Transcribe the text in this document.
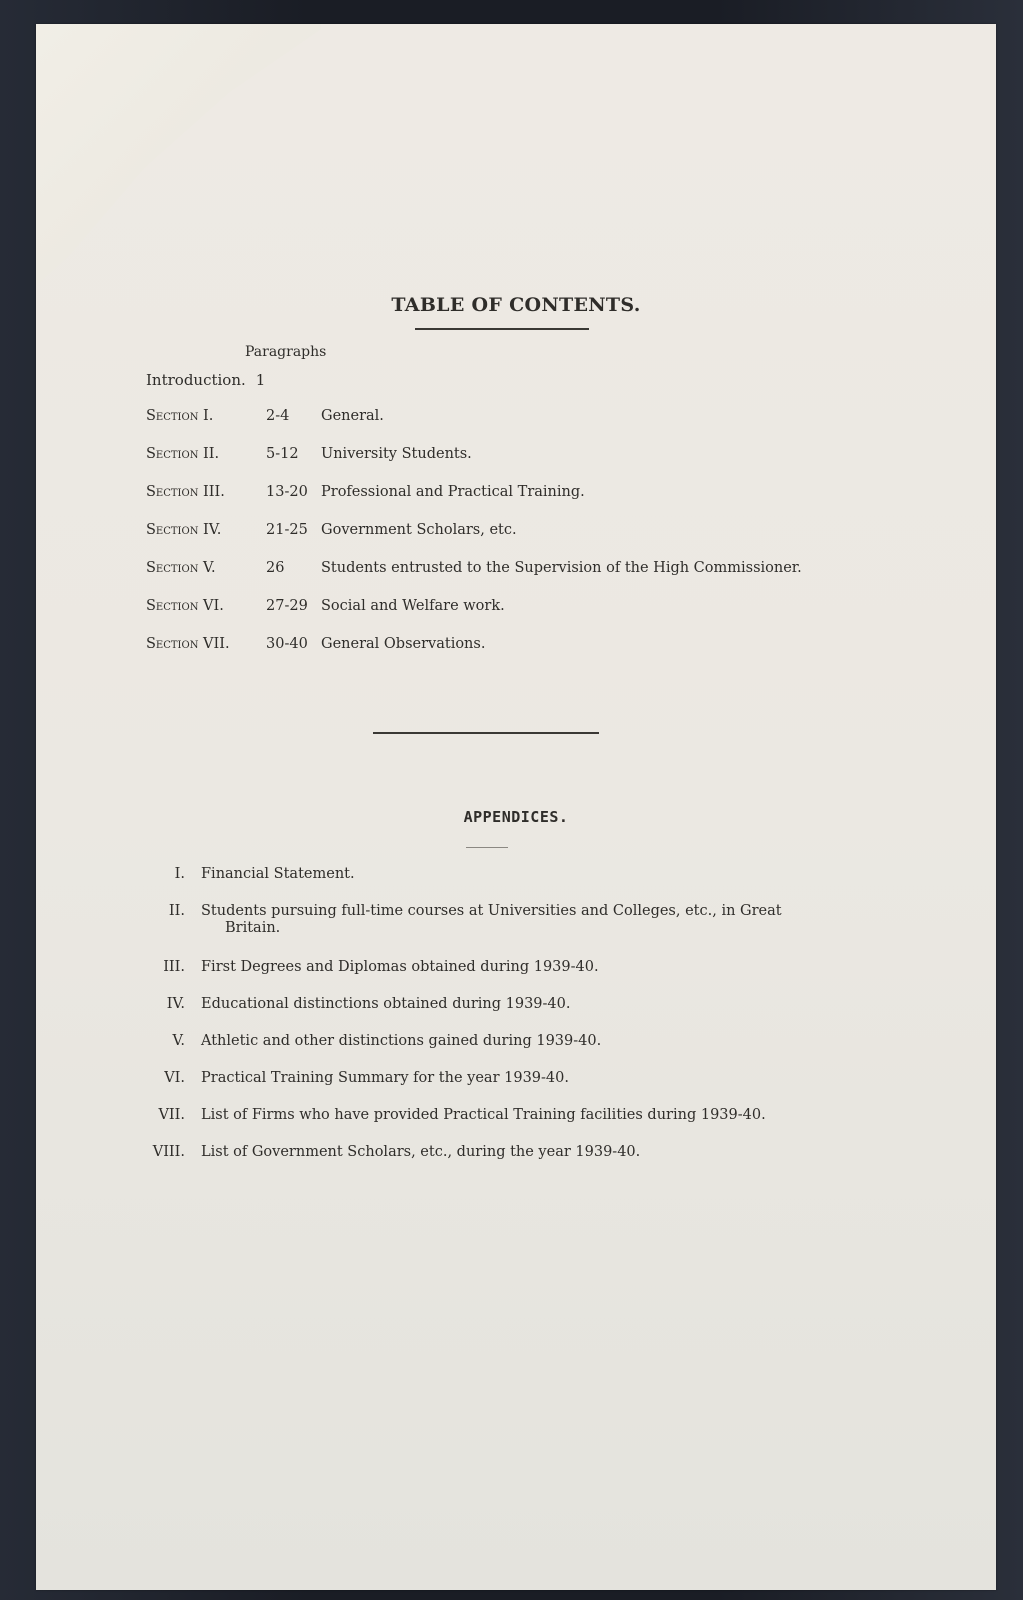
TABLE OF CONTENTS.
Paragraphs
Introduction. 1
Section I.	2-4 General.
Section II.	5-12 University Students.
Section III.	13-20 Professional and Practical Training.
Section IV.	21-25 Government Scholars, etc.
Section V.	26	Students entrusted to the Supervision of the High Commissioner.
Section VI.	27-29 Social and Welfare work.
Section VII.	30-40 General Observations.
APPENDICES.
I. Financial Statement.
II. Students pursuing full-time courses at Universities and Colleges, etc., in Great
Britain.
III. First Degrees and Diplomas obtained during 1939-40.
IV. Educational distinctions obtained during 1939-40.
V. Athletic and other distinctions gained during 1939-40.
VI. Practical Training Summary for the year 1939-40.
VII. List of Firms who have provided Practical Training facilities during 1939-40.
VIII. List of Government Scholars, etc., during the year 1939-40.
